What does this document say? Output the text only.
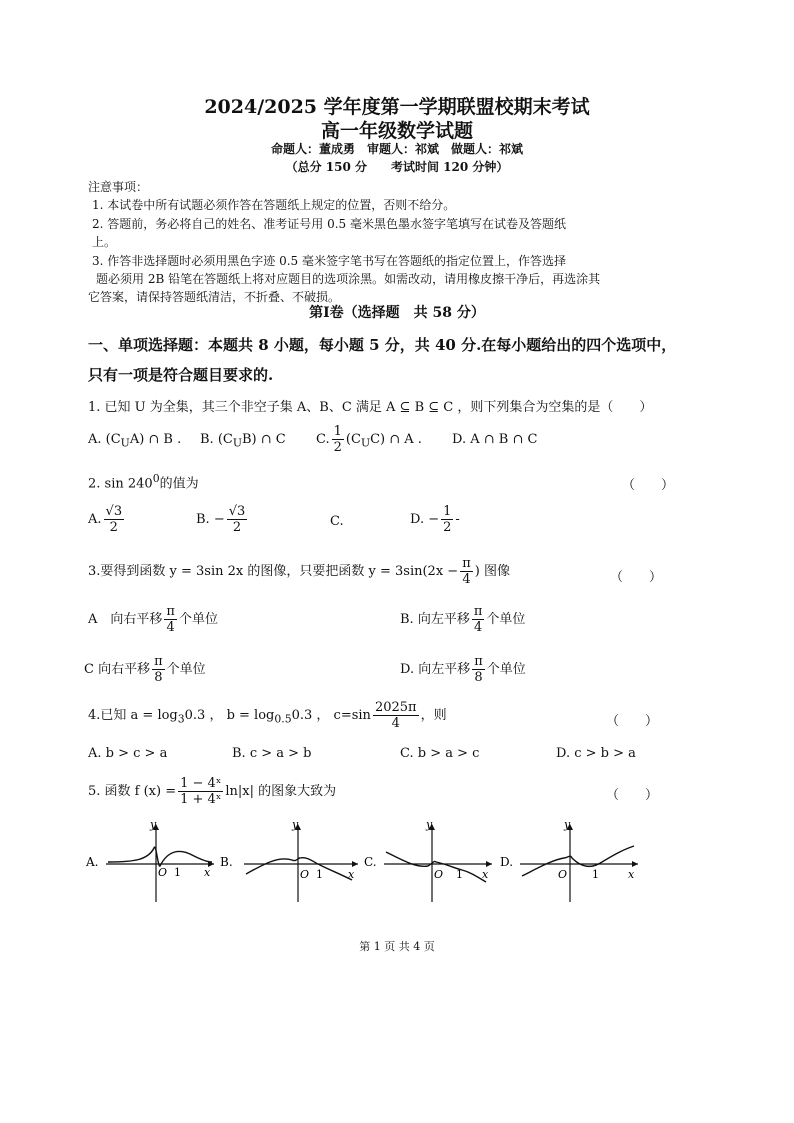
2024/2025 学年度第一学期联盟校期末考试
高一年级数学试题
命题人：董成勇　审题人：祁斌　做题人：祁斌
（总分 150 分　　考试时间 120 分钟）
注意事项：
1. 本试卷中所有试题必须作答在答题纸上规定的位置，否则不给分。
2. 答题前，务必将自己的姓名、准考证号用 0.5 毫米黑色墨水签字笔填写在试卷及答题纸
上。
3. 作答非选择题时必须用黑色字迹 0.5 毫米签字笔书写在答题纸的指定位置上，作答选择
题必须用 2B 铅笔在答题纸上将对应题目的选项涂黑。如需改动，请用橡皮擦干净后，再选涂其
它答案，请保持答题纸清洁，不折叠、不破损。
第Ⅰ卷（选择题　共 58 分）
一、单项选择题：本题共 8 小题，每小题 5 分，共 40 分.在每小题给出的四个选项中，
只有一项是符合题目要求的.
1. 已知 U 为全集，其三个非空子集 A、B、C 满足 A ⊆ B ⊆ C ，则下列集合为空集的是（　　）
A. $(C_UA)$ ∩ B . B. $(C_UB)$ ∩ C C. $\frac{1}{2} (C_UC)$ ∩ A . D. A ∩ B ∩ C
2. $\sin 240^0$的值为	（　　）
A. $\frac{√3}{2}$	B. − $\frac{√3}{2}$	C.	D. − $\frac{1}{2}$ -
3.要得到函数 y = 3sin 2x 的图像，只要把函数 $y = 3\sin(2x - \frac{\pi}{4}$ ) 图像	（　　）
A　向右平移 $\frac{\pi}{4}$ 个单位	B. 向左平移 $\frac{\pi}{4}$ 个单位
C 向右平移 $\frac{\pi}{8}$ 个单位	D. 向左平移 $\frac{\pi}{8}$ 个单位
4.已知 $a = \log_30.3$ ， $b = \log_{0.5}0.3$ ， $c=\sin \frac{2025\pi}{4}$ ，则	（　　）
A. b > c > a	B. c > a > b	C. b > a > c	D. c > b > a
5. 函数 f $(x) = \frac{\text{1 − 4ˣ}}{\text{1 + 4ˣ}} \ln|x|$ 的图象大致为	（　　）
A.
y
O 1 x
B.
y
O 1 x
C.
y
O 1 x
D.
y
O 1	x
第 1 页 共 4 页
